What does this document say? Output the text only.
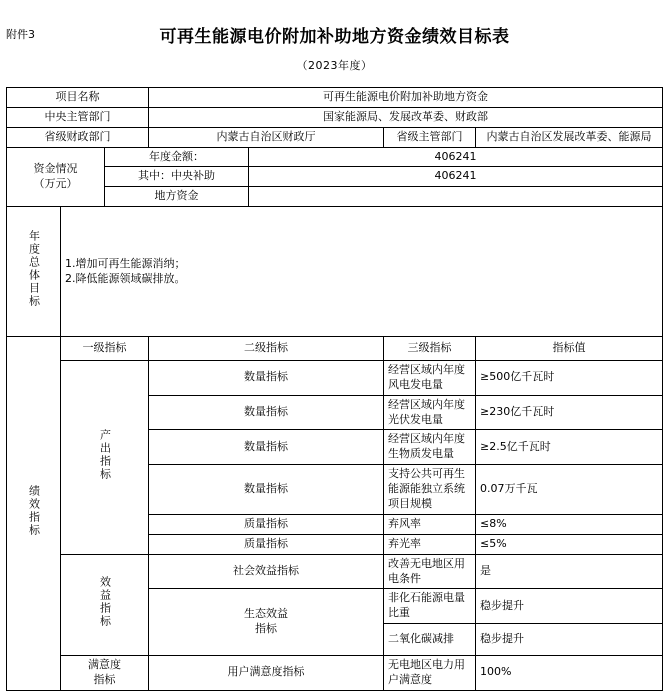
附件3	可再生能源电价附加补助地方资金绩效目标表
（2023年度）
项目名称			可再生能源电价附加补助地方资金			
中央主管部门			国家能源局、发展改革委、财政部			
省级财政部门			内蒙古自治区财政厅		省级主管部门	内蒙古自治区发展改革委、能源局

资金情况
（万元）		年度金额：		406241		
		其中：中央补助		406241		
		地方资金				
年度总体目标	1.增加可再生能源消纳；
2.降低能源领域碳排放。					

绩效指标	一级指标		二级指标		三级指标	指标值
	产出指标		数量指标		经营区域内年度风电发电量	≥500亿千瓦时
			数量指标		经营区域内年度光伏发电量	≥230亿千瓦时
			数量指标		经营区域内年度生物质发电量	≥2.5亿千瓦时
			数量指标		支持公共可再生能源能独立系统项目规模	0.07万千瓦
			质量指标		弃风率	≤8%
			质量指标		弃光率	≤5%
	效益指标		社会效益指标		改善无电地区用电条件	是

			生态效益
指标		非化石能源电量比重	稳步提升
					二氧化碳减排	稳步提升

	满意度
指标		用户满意度指标		无电地区电力用户满意度	100%
